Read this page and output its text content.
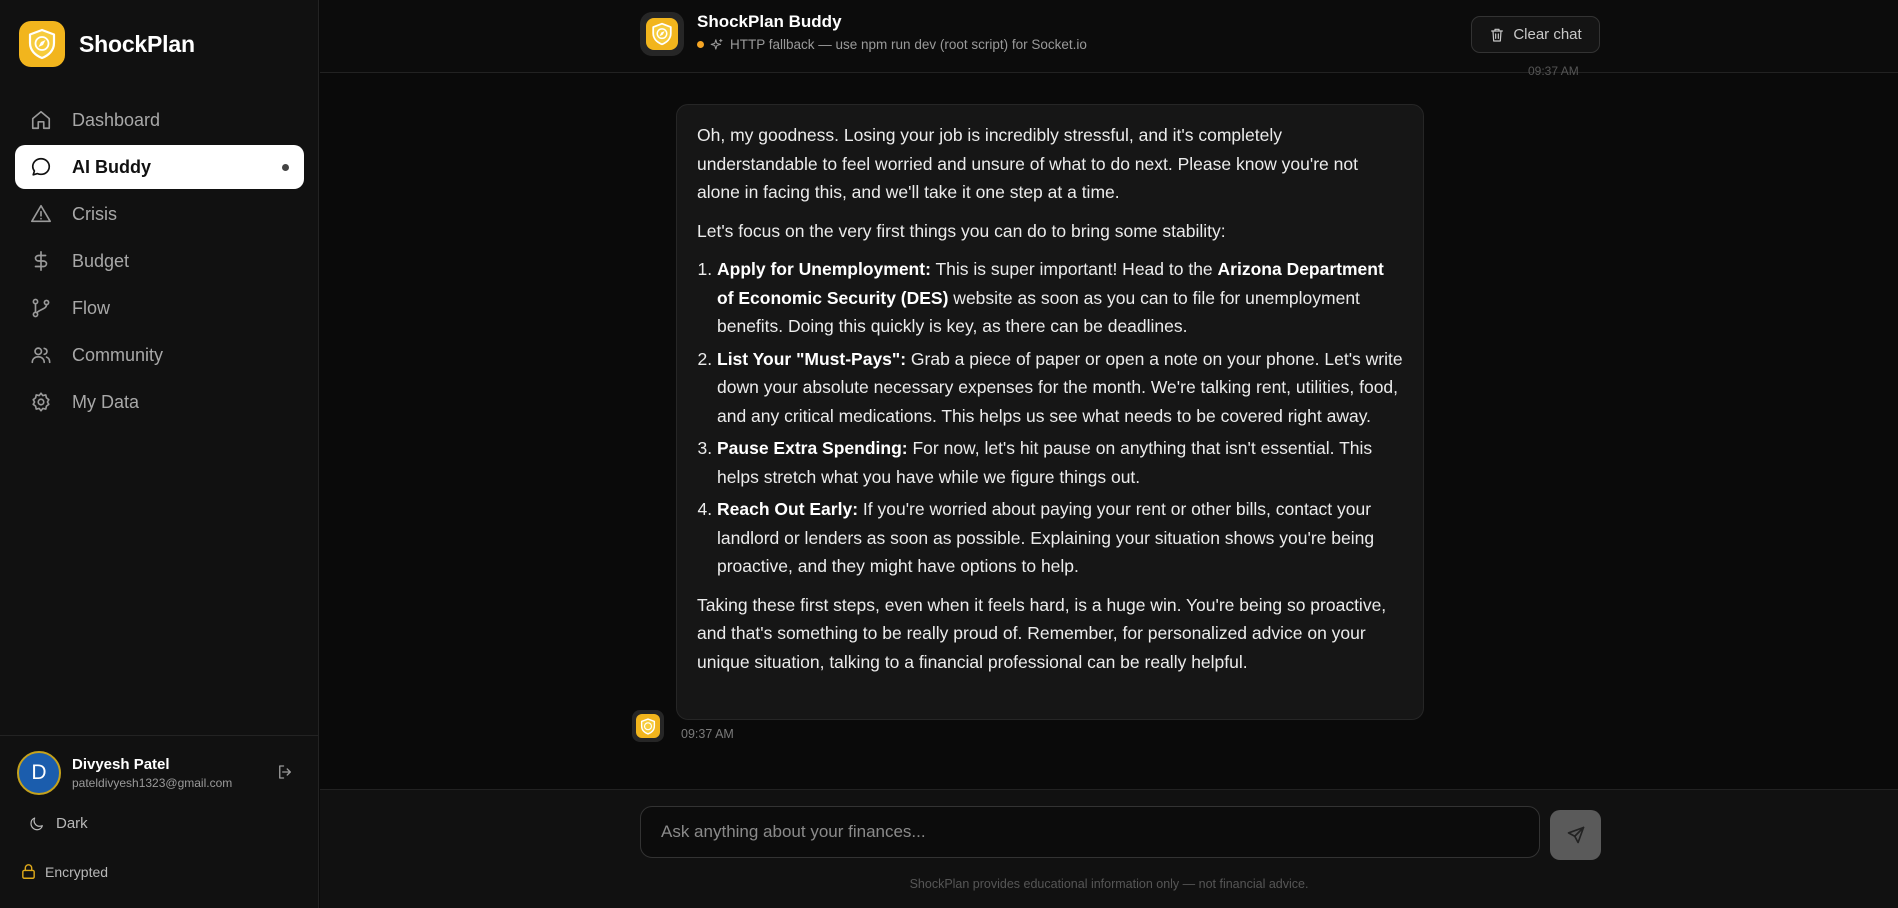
ShockPlan
Dashboard
AI Buddy
Crisis
Budget
Flow
Community
My Data
D	Divyesh Patel
pateldivyesh1323@gmail.com
Dark
Encrypted
ShockPlan Buddy
HTTP fallback — use npm run dev (root script) for Socket.io
Clear chat
09:37 AM

Oh, my goodness. Losing your job is incredibly stressful, and it's completely understandable to feel worried and unsure of what to do next. Please know you're not alone in facing this, and we'll take it one step at a time.

Let's focus on the very first things you can do to bring some stability:

1. Apply for Unemployment: This is super important! Head to the Arizona Department of Economic Security (DES) website as soon as you can to file for unemployment benefits. Doing this quickly is key, as there can be deadlines.
2. List Your "Must-Pays": Grab a piece of paper or open a note on your phone. Let's write down your absolute necessary expenses for the month. We're talking rent, utilities, food, and any critical medications. This helps us see what needs to be covered right away.
3. Pause Extra Spending: For now, let's hit pause on anything that isn't essential. This helps stretch what you have while we figure things out.
4. Reach Out Early: If you're worried about paying your rent or other bills, contact your landlord or lenders as soon as possible. Explaining your situation shows you're being proactive, and they might have options to help.

Taking these first steps, even when it feels hard, is a huge win. You're being so proactive, and that's something to be really proud of. Remember, for personalized advice on your unique situation, talking to a financial professional can be really helpful.

09:37 AM
Ask anything about your finances...
ShockPlan provides educational information only — not financial advice.
